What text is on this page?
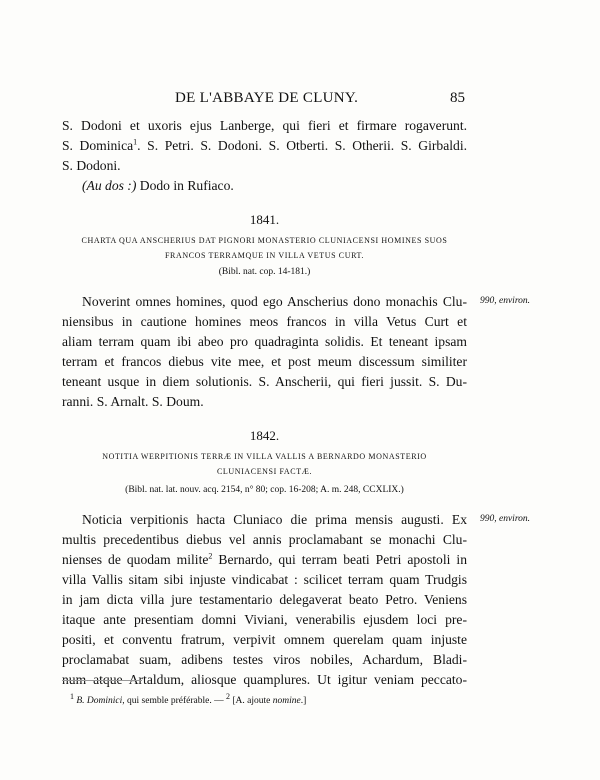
DE L'ABBAYE DE CLUNY.	85
S. Dodoni et uxoris ejus Lanberge, qui fieri et firmare rogaverunt.
S. Dominica$^1$. S. Petri. S. Dodoni. S. Otberti. S. Otherii. S. Girbaldi.
S. Dodoni.
(Au dos :) Dodo in Rufiaco.
1841.
CHARTA QUA ANSCHERIUS DAT PIGNORI MONASTERIO CLUNIACENSI HOMINES SUOS
FRANCOS TERRAMQUE IN VILLA VETUS CURT.
(Bibl. nat. cop. 14-181.)
990, environ.
Noverint omnes homines, quod ego Anscherius dono monachis Clu-
niensibus in cautione homines meos francos in villa Vetus Curt et
aliam terram quam ibi abeo pro quadraginta solidis. Et teneant ipsam
terram et francos diebus vite mee, et post meum discessum similiter
teneant usque in diem solutionis. S. Anscherii, qui fieri jussit. S. Du-
ranni. S. Arnalt. S. Doum.
1842.
NOTITIA WERPITIONIS TERRÆ IN VILLA VALLIS A BERNARDO MONASTERIO
CLUNIACENSI FACTÆ.
(Bibl. nat. lat. nouv. acq. 2154, n° 80; cop. 16-208; A. m. 248, CCXLIX.)
990, environ.
Noticia verpitionis hacta Cluniaco die prima mensis augusti. Ex
multis precedentibus diebus vel annis proclamabant se monachi Clu-
nienses de quodam milite$^2$ Bernardo, qui terram beati Petri apostoli in
villa Vallis sitam sibi injuste vindicabat : scilicet terram quam Trudgis
in jam dicta villa jure testamentario delegaverat beato Petro. Veniens
itaque ante presentiam domni Viviani, venerabilis ejusdem loci pre-
positi, et conventu fratrum, verpivit omnem querelam quam injuste
proclamabat suam, adibens testes viros nobiles, Achardum, Bladi-
num atque Artaldum, aliosque quamplures. Ut igitur veniam peccato-
$^1$ B. Dominici, qui semble préférable. — $^2$ [A. ajoute nomine.]
